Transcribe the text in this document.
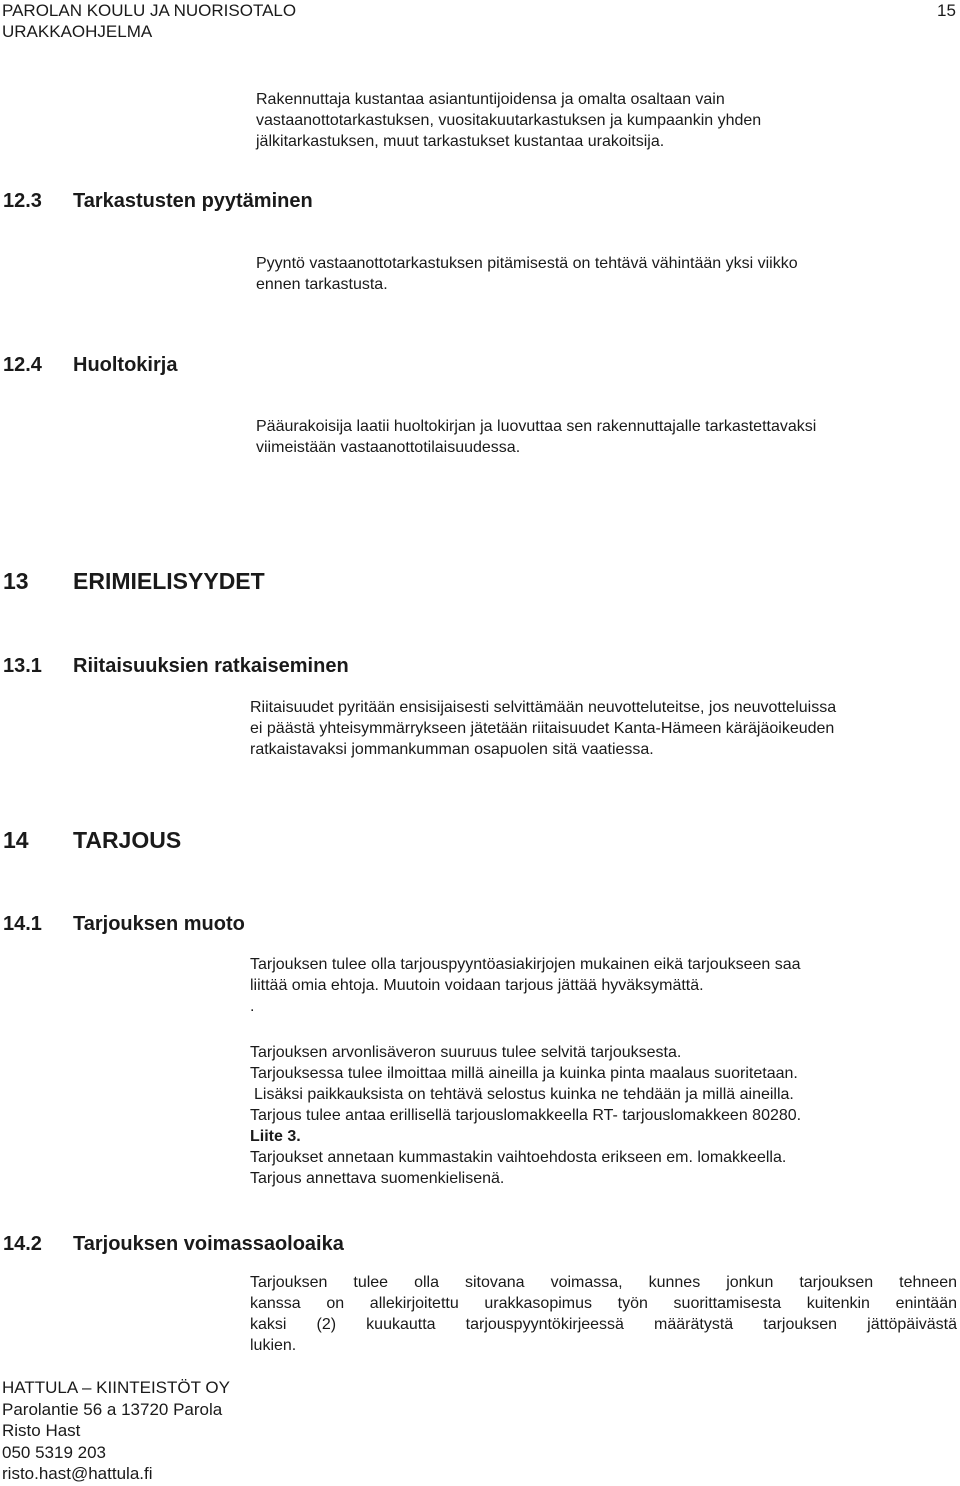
PAROLAN KOULU JA NUORISOTALO
URAKKAOHJELMA
15
Rakennuttaja kustantaa asiantuntijoidensa ja omalta osaltaan vain
vastaanottotarkastuksen, vuositakuutarkastuksen ja kumpaankin yhden
jälkitarkastuksen, muut tarkastukset kustantaa urakoitsija.
12.3 Tarkastusten pyytäminen
Pyyntö vastaanottotarkastuksen pitämisestä on tehtävä vähintään yksi viikko
ennen tarkastusta.
12.4 Huoltokirja
Pääurakoisija laatii huoltokirjan ja luovuttaa sen rakennuttajalle tarkastettavaksi
viimeistään vastaanottotilaisuudessa.
13 ERIMIELISYYDET
13.1 Riitaisuuksien ratkaiseminen
Riitaisuudet pyritään ensisijaisesti selvittämään neuvotteluteitse, jos neuvotteluissa
ei päästä yhteisymmärrykseen jätetään riitaisuudet Kanta-Hämeen käräjäoikeuden
ratkaistavaksi jommankumman osapuolen sitä vaatiessa.
14 TARJOUS
14.1 Tarjouksen muoto
Tarjouksen tulee olla tarjouspyyntöasiakirjojen mukainen eikä tarjoukseen saa
liittää omia ehtoja. Muutoin voidaan tarjous jättää hyväksymättä.
.
Tarjouksen arvonlisäveron suuruus tulee selvitä tarjouksesta.
Tarjouksessa tulee ilmoittaa millä aineilla ja kuinka pinta maalaus suoritetaan.
Lisäksi paikkauksista on tehtävä selostus kuinka ne tehdään ja millä aineilla.
Tarjous tulee antaa erillisellä tarjouslomakkeella RT- tarjouslomakkeen 80280.
Liite 3.
Tarjoukset annetaan kummastakin vaihtoehdosta erikseen em. lomakkeella.
Tarjous annettava suomenkielisenä.
14.2 Tarjouksen voimassaoloaika
Tarjouksen tulee olla sitovana voimassa, kunnes jonkun tarjouksen tehneen
kanssa on allekirjoitettu urakkasopimus työn suorittamisesta kuitenkin enintään
kaksi (2) kuukautta tarjouspyyntökirjeessä määrätystä tarjouksen jättöpäivästä
lukien.
HATTULA – KIINTEISTÖT OY
Parolantie 56 a 13720 Parola
Risto Hast
050 5319 203
risto.hast@hattula.fi
